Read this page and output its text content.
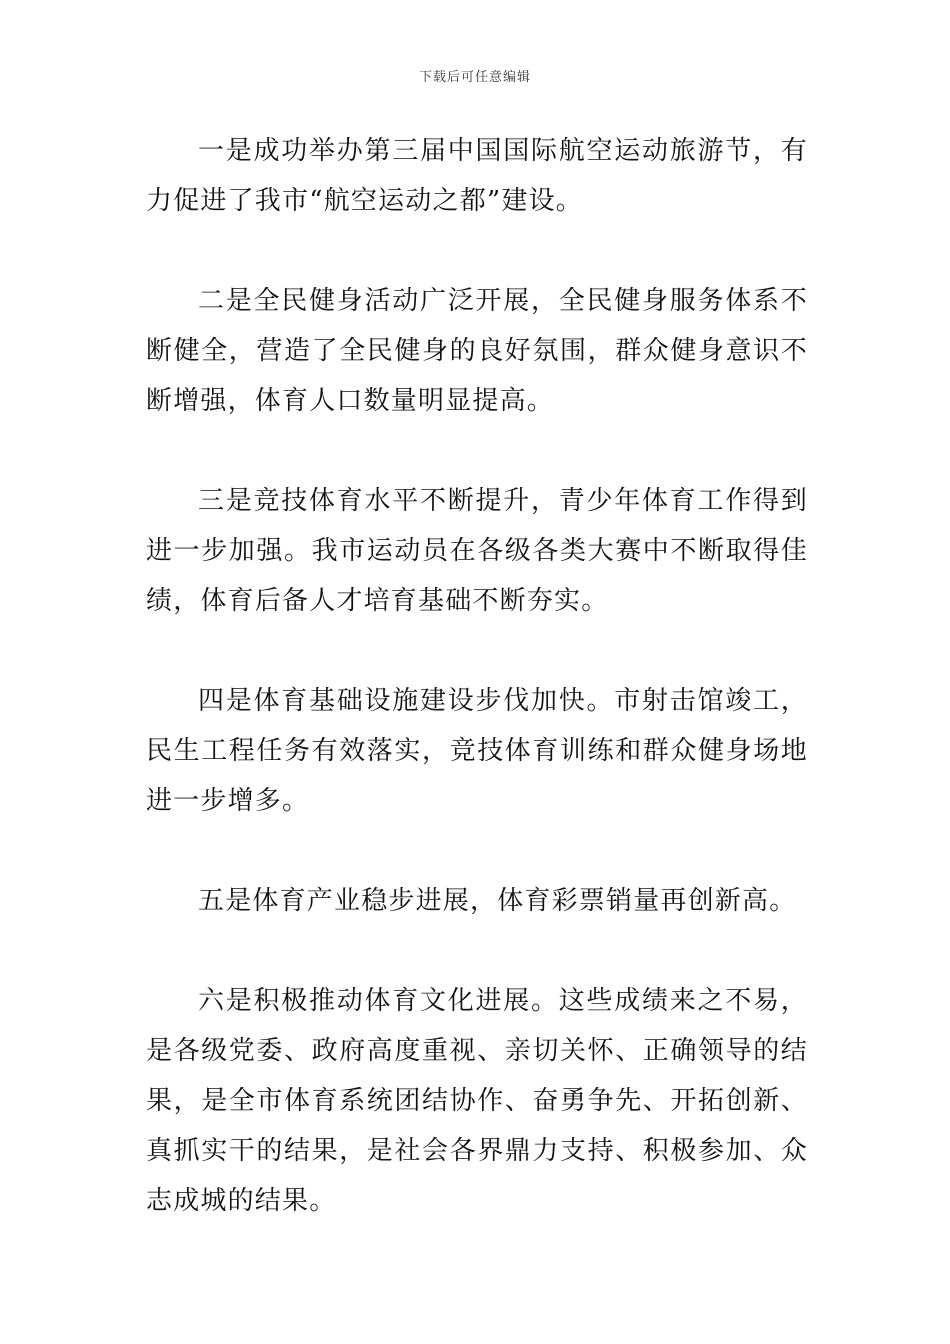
下载后可任意编辑

一是成功举办第三届中国国际航空运动旅游节，有力促进了我市“航空运动之都”建设。

二是全民健身活动广泛开展，全民健身服务体系不断健全，营造了全民健身的良好氛围，群众健身意识不断增强，体育人口数量明显提高。

三是竞技体育水平不断提升，青少年体育工作得到进一步加强。我市运动员在各级各类大赛中不断取得佳绩，体育后备人才培育基础不断夯实。

四是体育基础设施建设步伐加快。市射击馆竣工，民生工程任务有效落实，竞技体育训练和群众健身场地进一步增多。

五是体育产业稳步进展，体育彩票销量再创新高。

六是积极推动体育文化进展。这些成绩来之不易，是各级党委、政府高度重视、亲切关怀、正确领导的结果，是全市体育系统团结协作、奋勇争先、开拓创新、真抓实干的结果，是社会各界鼎力支持、积极参加、众志成城的结果。
